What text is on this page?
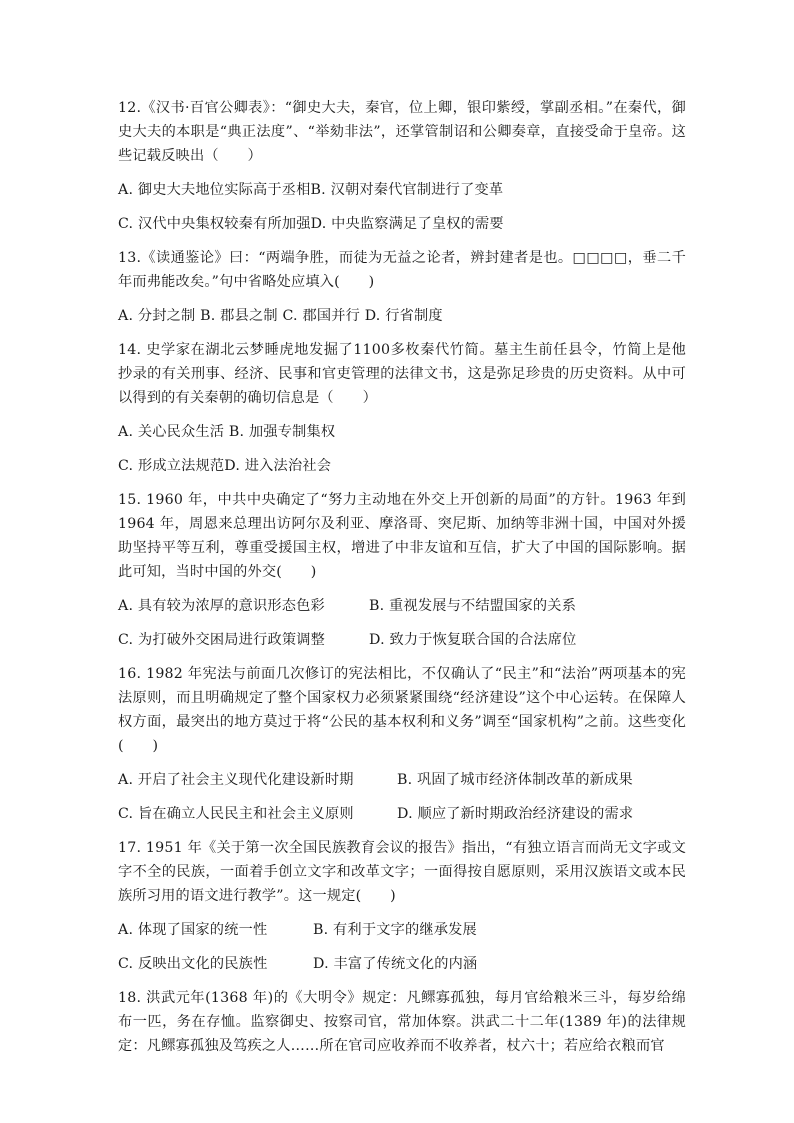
12.《汉书·百官公卿表》：“御史大夫，秦官，位上卿，银印紫绶，掌副丞相。”在秦代，御史大夫的本职是“典正法度”、“举劾非法”，还掌管制诏和公卿奏章，直接受命于皇帝。这些记载反映出（　　）
A. 御史大夫地位实际高于丞相B. 汉朝对秦代官制进行了变革
C. 汉代中央集权较秦有所加强D. 中央监察满足了皇权的需要
13.《读通鉴论》曰：“两端争胜，而徒为无益之论者，辨封建者是也。□□□□，垂二千年而弗能改矣。”句中省略处应填入(　　)
A. 分封之制 B. 郡县之制 C. 郡国并行 D. 行省制度
14. 史学家在湖北云梦睡虎地发掘了1100多枚秦代竹简。墓主生前任县令，竹简上是他抄录的有关刑事、经济、民事和官吏管理的法律文书，这是弥足珍贵的历史资料。从中可以得到的有关秦朝的确切信息是（　　）
A. 关心民众生活 B. 加强专制集权
C. 形成立法规范D. 进入法治社会
15. 1960 年，中共中央确定了“努力主动地在外交上开创新的局面”的方针。1963 年到 1964 年，周恩来总理出访阿尔及利亚、摩洛哥、突尼斯、加纳等非洲十国，中国对外援助坚持平等互利，尊重受援国主权，增进了中非友谊和互信，扩大了中国的国际影响。据此可知，当时中国的外交(　　)
A. 具有较为浓厚的意识形态色彩	B. 重视发展与不结盟国家的关系
C. 为打破外交困局进行政策调整	D. 致力于恢复联合国的合法席位
16. 1982 年宪法与前面几次修订的宪法相比，不仅确认了“民主”和“法治”两项基本的宪法原则，而且明确规定了整个国家权力必须紧紧围绕“经济建设”这个中心运转。在保障人权方面，最突出的地方莫过于将“公民的基本权利和义务”调至“国家机构”之前。这些变化(　　)
A. 开启了社会主义现代化建设新时期	B. 巩固了城市经济体制改革的新成果
C. 旨在确立人民民主和社会主义原则	D. 顺应了新时期政治经济建设的需求
17. 1951 年《关于第一次全国民族教育会议的报告》指出，“有独立语言而尚无文字或文字不全的民族，一面着手创立文字和改革文字；一面得按自愿原则，采用汉族语文或本民族所习用的语文进行教学”。这一规定(　　)
A. 体现了国家的统一性	B. 有利于文字的继承发展
C. 反映出文化的民族性	D. 丰富了传统文化的内涵
18. 洪武元年(1368 年)的《大明令》规定：凡鳏寡孤独，每月官给粮米三斗，每岁给绵布一匹，务在存恤。监察御史、按察司官，常加体察。洪武二十二年(1389 年)的法律规定：凡鳏寡孤独及笃疾之人……所在官司应收养而不收养者，杖六十；若应给衣粮而官
